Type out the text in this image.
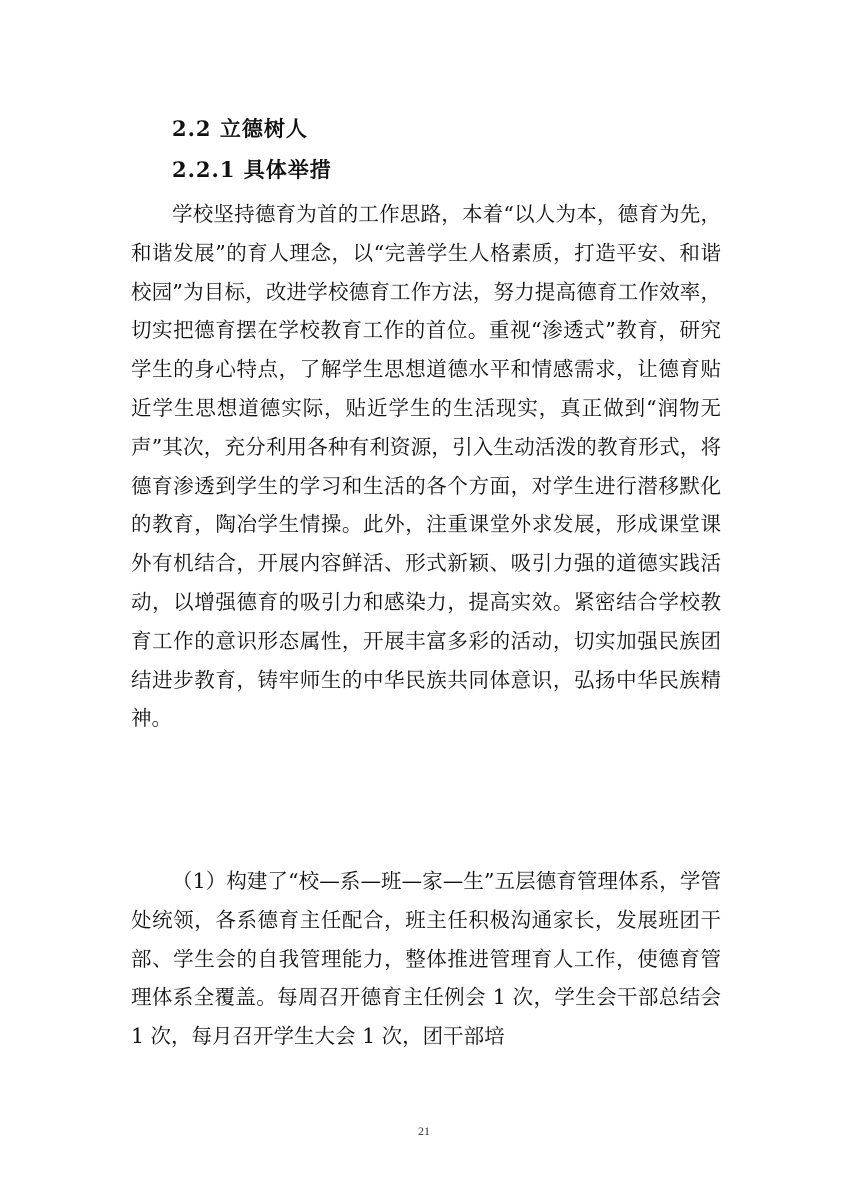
2.2 立德树人
2.2.1 具体举措

学校坚持德育为首的工作思路，本着“以人为本，德育为先，和谐发展”的育人理念，以“完善学生人格素质，打造平安、和谐校园”为目标，改进学校德育工作方法，努力提高德育工作效率，切实把德育摆在学校教育工作的首位。重视“渗透式”教育，研究学生的身心特点，了解学生思想道德水平和情感需求，让德育贴近学生思想道德实际，贴近学生的生活现实，真正做到“润物无声”其次，充分利用各种有利资源，引入生动活泼的教育形式，将德育渗透到学生的学习和生活的各个方面，对学生进行潜移默化的教育，陶冶学生情操。此外，注重课堂外求发展，形成课堂课外有机结合，开展内容鲜活、形式新颖、吸引力强的道德实践活动，以增强德育的吸引力和感染力，提高实效。紧密结合学校教育工作的意识形态属性，开展丰富多彩的活动，切实加强民族团结进步教育，铸牢师生的中华民族共同体意识，弘扬中华民族精神。

（1）构建了“校—系—班—家—生”五层德育管理体系，学管处统领，各系德育主任配合，班主任积极沟通家长，发展班团干部、学生会的自我管理能力，整体推进管理育人工作，使德育管理体系全覆盖。每周召开德育主任例会 1 次，学生会干部总结会 1 次，每月召开学生大会 1 次，团干部培

21
